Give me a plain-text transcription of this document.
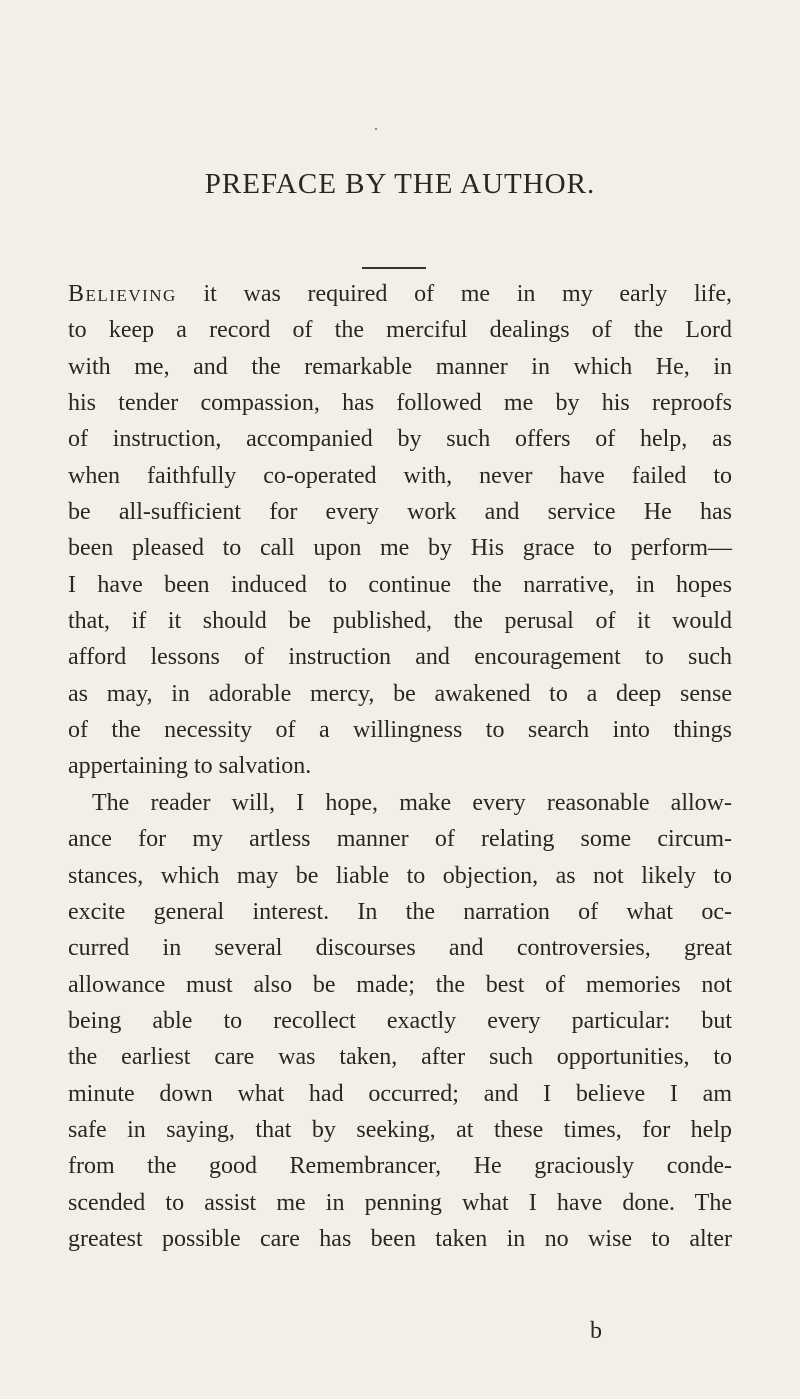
PREFACE BY THE AUTHOR.
Believing it was required of me in my early life,
to keep a record of the merciful dealings of the Lord
with me, and the remarkable manner in which He, in
his tender compassion, has followed me by his reproofs
of instruction, accompanied by such offers of help, as
when faithfully co-operated with, never have failed to
be all-sufficient for every work and service He has
been pleased to call upon me by His grace to perform—
I have been induced to continue the narrative, in hopes
that, if it should be published, the perusal of it would
afford lessons of instruction and encouragement to such
as may, in adorable mercy, be awakened to a deep sense
of the necessity of a willingness to search into things
appertaining to salvation.
The reader will, I hope, make every reasonable allow-
ance for my artless manner of relating some circum-
stances, which may be liable to objection, as not likely to
excite general interest. In the narration of what oc-
curred in several discourses and controversies, great
allowance must also be made; the best of memories not
being able to recollect exactly every particular: but
the earliest care was taken, after such opportunities, to
minute down what had occurred; and I believe I am
safe in saying, that by seeking, at these times, for help
from the good Remembrancer, He graciously conde-
scended to assist me in penning what I have done. The
greatest possible care has been taken in no wise to alter
b
